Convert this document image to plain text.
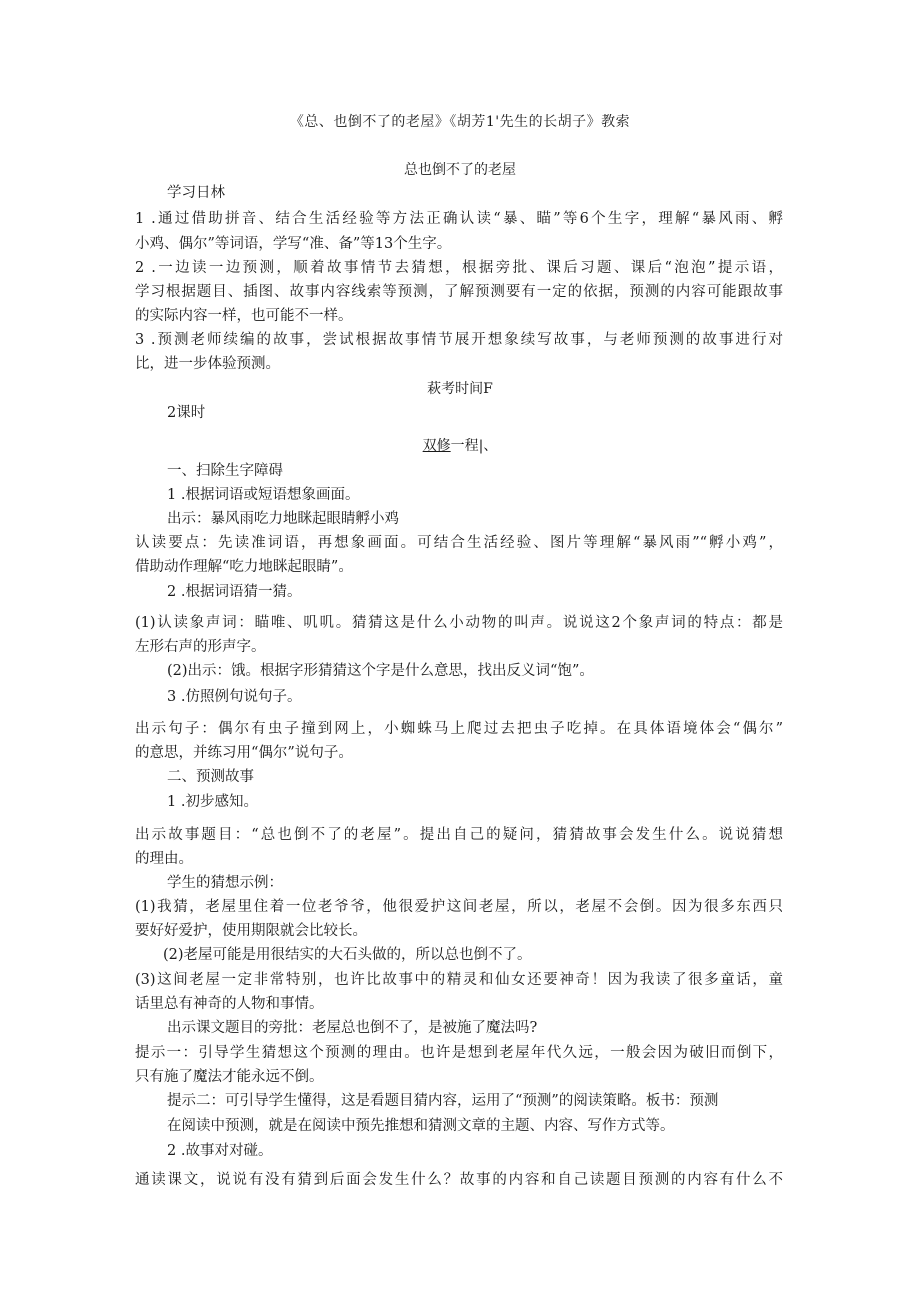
《总、也倒不了的老屋》《胡芳1'先生的长胡子》教索
总也倒不了的老屋
学习日林
1 .通过借助拼音、结合生活经验等方法正确认读“暴、瞄”等6个生字，理解“暴风雨、孵
小鸡、偶尔”等词语，学写“准、备”等13个生字。
2 .一边读一边预测，顺着故事情节去猜想，根据旁批、课后习题、课后“泡泡”提示语，
学习根据题目、插图、故事内容线索等预测，了解预测要有一定的依据，预测的内容可能跟故事
的实际内容一样，也可能不一样。
3 .预测老师续编的故事，尝试根据故事情节展开想象续写故事，与老师预测的故事进行对
比，进一步体验预测。
萩考时间F
2课时
双修一程|、
一、扫除生字障碍
1 .根据词语或短语想象画面。
出示：暴风雨吃力地眯起眼睛孵小鸡
认读要点：先读准词语，再想象画面。可结合生活经验、图片等理解“暴风雨”“孵小鸡”，
借助动作理解“吃力地眯起眼睛”。
2 .根据词语猜一猜。
(1)认读象声词：瞄唯、叽叽。猜猜这是什么小动物的叫声。说说这2个象声词的特点：都是
左形右声的形声字。
(2)出示：饿。根据字形猜猜这个字是什么意思，找出反义词“饱”。
3 .仿照例句说句子。
出示句子：偶尔有虫子撞到网上，小蜘蛛马上爬过去把虫子吃掉。在具体语境体会“偶尔”
的意思，并练习用“偶尔”说句子。
二、预测故事
1 .初步感知。
出示故事题目：“总也倒不了的老屋”。提出自己的疑问，猜猜故事会发生什么。说说猜想
的理由。
学生的猜想示例：
(1)我猜，老屋里住着一位老爷爷，他很爱护这间老屋，所以，老屋不会倒。因为很多东西只
要好好爱护，使用期限就会比较长。
(2)老屋可能是用很结实的大石头做的，所以总也倒不了。
(3)这间老屋一定非常特别，也许比故事中的精灵和仙女还要神奇！因为我读了很多童话，童
话里总有神奇的人物和事情。
出示课文题目的旁批：老屋总也倒不了，是被施了魔法吗?
提示一：引导学生猜想这个预测的理由。也许是想到老屋年代久远，一般会因为破旧而倒下，
只有施了魔法才能永远不倒。
提示二：可引导学生懂得，这是看题目猜内容，运用了“预测”的阅读策略。板书：预测
在阅读中预测，就是在阅读中预先推想和猜测文章的主题、内容、写作方式等。
2 .故事对对碰。
通读课文，说说有没有猜到后面会发生什么？故事的内容和自己读题目预测的内容有什么不
